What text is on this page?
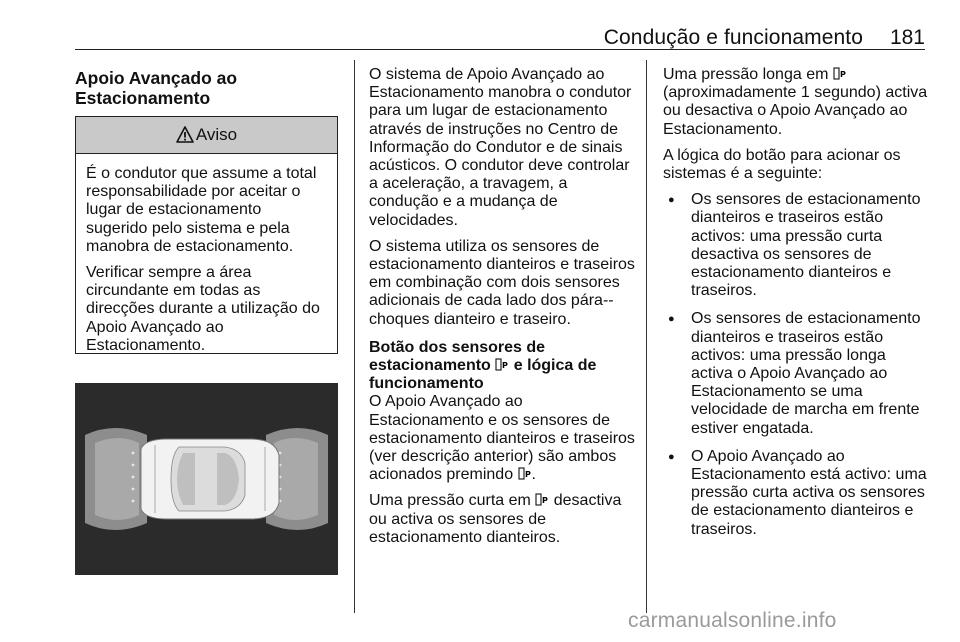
Condução e funcionamento 181
Apoio Avançado ao
Estacionamento
Aviso

É o condutor que assume a total responsabilidade por aceitar o lugar de estacionamento sugerido pelo sistema e pela manobra de estacionamento.

Verificar sempre a área circundante em todas as direcções durante a utilização do Apoio Avançado ao Estacionamento.

O sistema de Apoio Avançado ao Estacionamento manobra o condutor para um lugar de estacionamento através de instruções no Centro de Informação do Condutor e de sinais acústicos. O condutor deve controlar a aceleração, a travagem, a condução e a mudança de velocidades.

O sistema utiliza os sensores de estacionamento dianteiros e traseiros em combinação com dois sensores adicionais de cada lado dos pára--choques dianteiro e traseiro.

Botão dos sensores de estacionamento P e lógica de funcionamento

O Apoio Avançado ao Estacionamento e os sensores de estacionamento dianteiros e traseiros (ver descrição anterior) são ambos acionados premindo P .

Uma pressão curta em P desactiva ou activa os sensores de estacionamento dianteiros.

Uma pressão longa em P
(aproximadamente 1 segundo) activa ou desactiva o Apoio Avançado ao Estacionamento.

A lógica do botão para acionar os sistemas é a seguinte:

● Os sensores de estacionamento dianteiros e traseiros estão activos: uma pressão curta desactiva os sensores de estacionamento dianteiros e traseiros.
● Os sensores de estacionamento dianteiros e traseiros estão activos: uma pressão longa activa o Apoio Avançado ao Estacionamento se uma velocidade de marcha em frente estiver engatada.
● O Apoio Avançado ao Estacionamento está activo: uma pressão curta activa os sensores de estacionamento dianteiros e traseiros.
carmanualsonline.info
